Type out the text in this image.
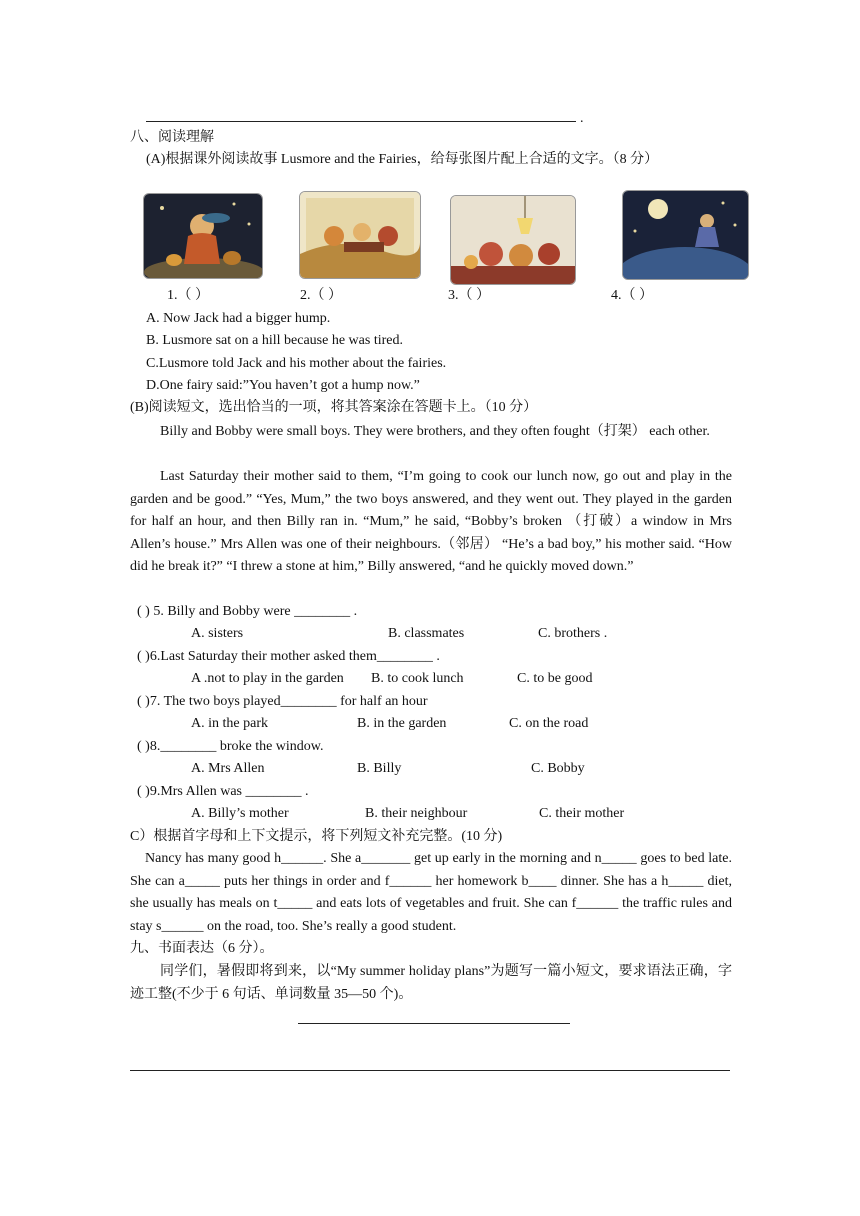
.
八、阅读理解
(A)根据课外阅读故事 Lusmore and the Fairies，给每张图片配上合适的文字。（8 分）
1.（ ）	2.（ ）	3.（ ）	4.（ ）
A. Now Jack had a bigger hump.
B. Lusmore sat on a hill because he was tired.
C.Lusmore told Jack and his mother about the fairies.
D.One fairy said:”You haven’t got a hump now.”
(B)阅读短文，选出恰当的一项，将其答案涂在答题卡上。（10 分）
Billy and Bobby were small boys. They were brothers, and they often fought（打架） each other.
Last Saturday their mother said to them, “I’m going to cook our lunch now, go out and play in the garden and be good.” “Yes, Mum,” the two boys answered, and they went out. They played in the garden for half an hour, and then Billy ran in. “Mum,” he said, “Bobby’s broken （打破）a window in Mrs Allen’s house.” Mrs Allen was one of their neighbours.（邻居） “He’s a bad boy,” his mother said. “How did he break it?” “I threw a stone at him,” Billy answered, “and he quickly moved down.”
( ) 5. Billy and Bobby were ________ .
A. sisters	B. classmates	C. brothers .
( )6.Last Saturday their mother asked them________ .
A .not to play in the garden B. to cook lunch	C. to be good
( )7. The two boys played________ for half an hour
A. in the park	B. in the garden	C. on the road
( )8.________ broke the window.
A. Mrs Allen	B. Billy	C. Bobby
( )9.Mrs Allen was ________ .
A. Billy’s mother	B. their neighbour	C. their mother
C）根据首字母和上下文提示，将下列短文补充完整。(10 分)
Nancy has many good h______. She a_______ get up early in the morning and n_____ goes to bed late. She can a_____ puts her things in order and f______ her homework b____ dinner. She has a h_____ diet, she usually has meals on t_____ and eats lots of vegetables and fruit. She can f______ the traffic rules and stay s______ on the road, too. She’s really a good student.
九、书面表达（6 分）。
同学们，暑假即将到来，以“My summer holiday plans”为题写一篇小短文，要求语法正确，字迹工整(不少于 6 句话、单词数量 35—50 个)。
